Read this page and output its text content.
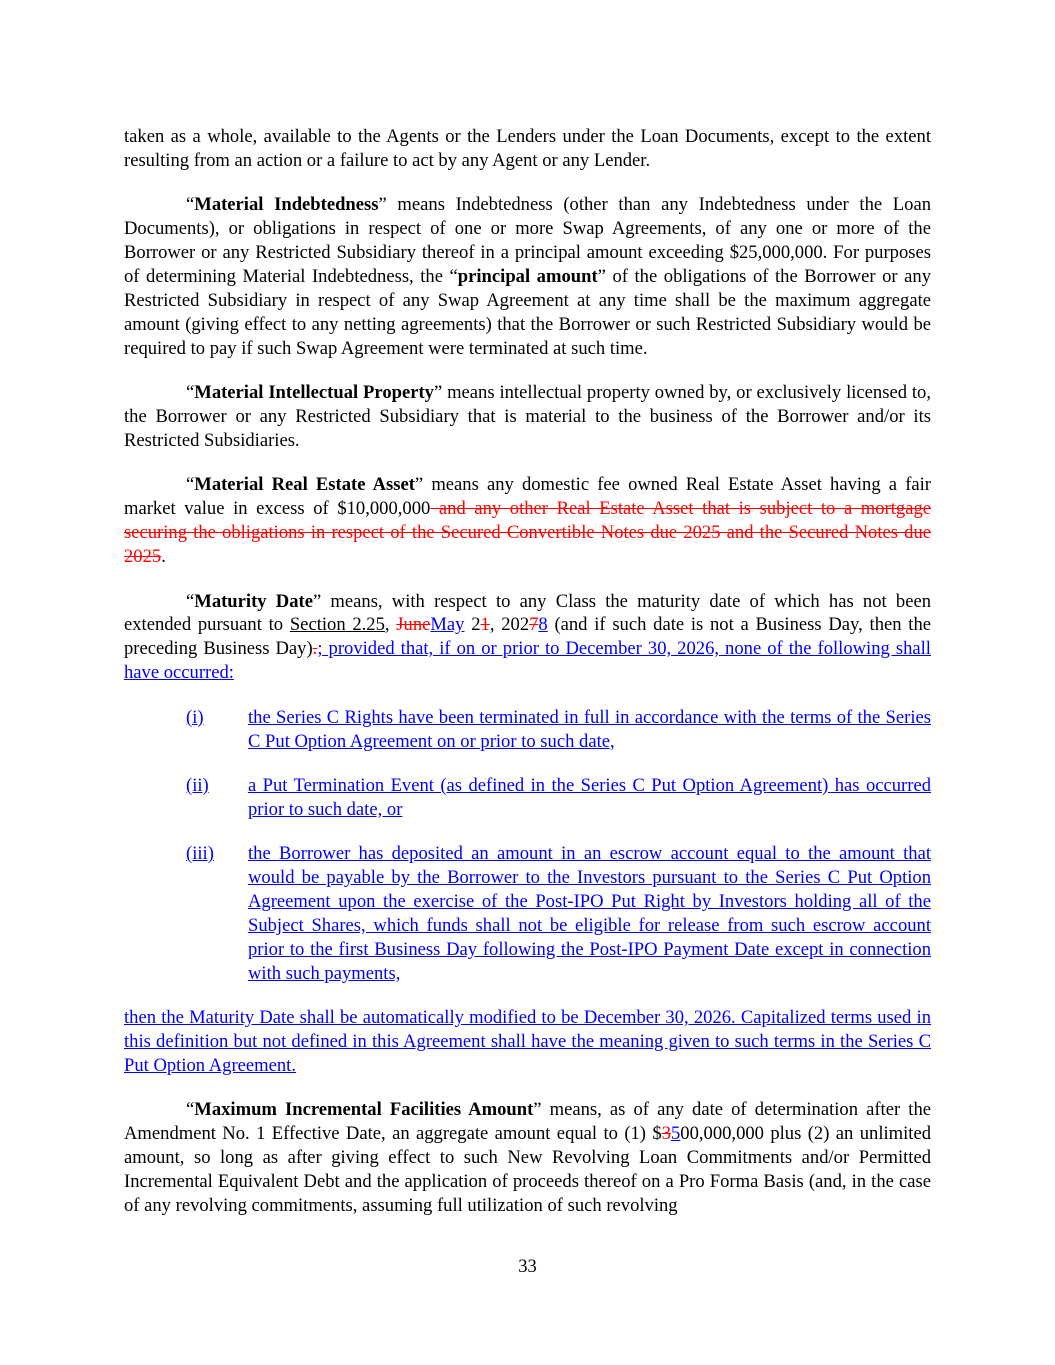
taken as a whole, available to the Agents or the Lenders under the Loan Documents, except to the extent resulting from an action or a failure to act by any Agent or any Lender.

“Material Indebtedness” means Indebtedness (other than any Indebtedness under the Loan Documents), or obligations in respect of one or more Swap Agreements, of any one or more of the Borrower or any Restricted Subsidiary thereof in a principal amount exceeding $25,000,000. For purposes of determining Material Indebtedness, the “principal amount” of the obligations of the Borrower or any Restricted Subsidiary in respect of any Swap Agreement at any time shall be the maximum aggregate amount (giving effect to any netting agreements) that the Borrower or such Restricted Subsidiary would be required to pay if such Swap Agreement were terminated at such time.

“Material Intellectual Property” means intellectual property owned by, or exclusively licensed to, the Borrower or any Restricted Subsidiary that is material to the business of the Borrower and/or its Restricted Subsidiaries.

“Material Real Estate Asset” means any domestic fee owned Real Estate Asset having a fair market value in excess of $10,000,000 and any other Real Estate Asset that is subject to a mortgage securing the obligations in respect of the Secured Convertible Notes due 2025 and the Secured Notes due 2025.

“Maturity Date” means, with respect to any Class the maturity date of which has not been extended pursuant to Section 2.25, JuneMay 21, 20278 (and if such date is not a Business Day, then the preceding Business Day).; provided that, if on or prior to December 30, 2026, none of the following shall have occurred:

(i)	the Series C Rights have been terminated in full in accordance with the terms of the Series C Put Option Agreement on or prior to such date,
(ii)	a Put Termination Event (as defined in the Series C Put Option Agreement) has occurred prior to such date, or
(iii)	the Borrower has deposited an amount in an escrow account equal to the amount that would be payable by the Borrower to the Investors pursuant to the Series C Put Option Agreement upon the exercise of the Post-IPO Put Right by Investors holding all of the Subject Shares, which funds shall not be eligible for release from such escrow account prior to the first Business Day following the Post-IPO Payment Date except in connection with such payments,

then the Maturity Date shall be automatically modified to be December 30, 2026. Capitalized terms used in this definition but not defined in this Agreement shall have the meaning given to such terms in the Series C Put Option Agreement.

“Maximum Incremental Facilities Amount” means, as of any date of determination after the Amendment No. 1 Effective Date, an aggregate amount equal to (1) $3500,000,000 plus (2) an unlimited amount, so long as after giving effect to such New Revolving Loan Commitments and/or Permitted Incremental Equivalent Debt and the application of proceeds thereof on a Pro Forma Basis (and, in the case of any revolving commitments, assuming full utilization of such revolving

33
